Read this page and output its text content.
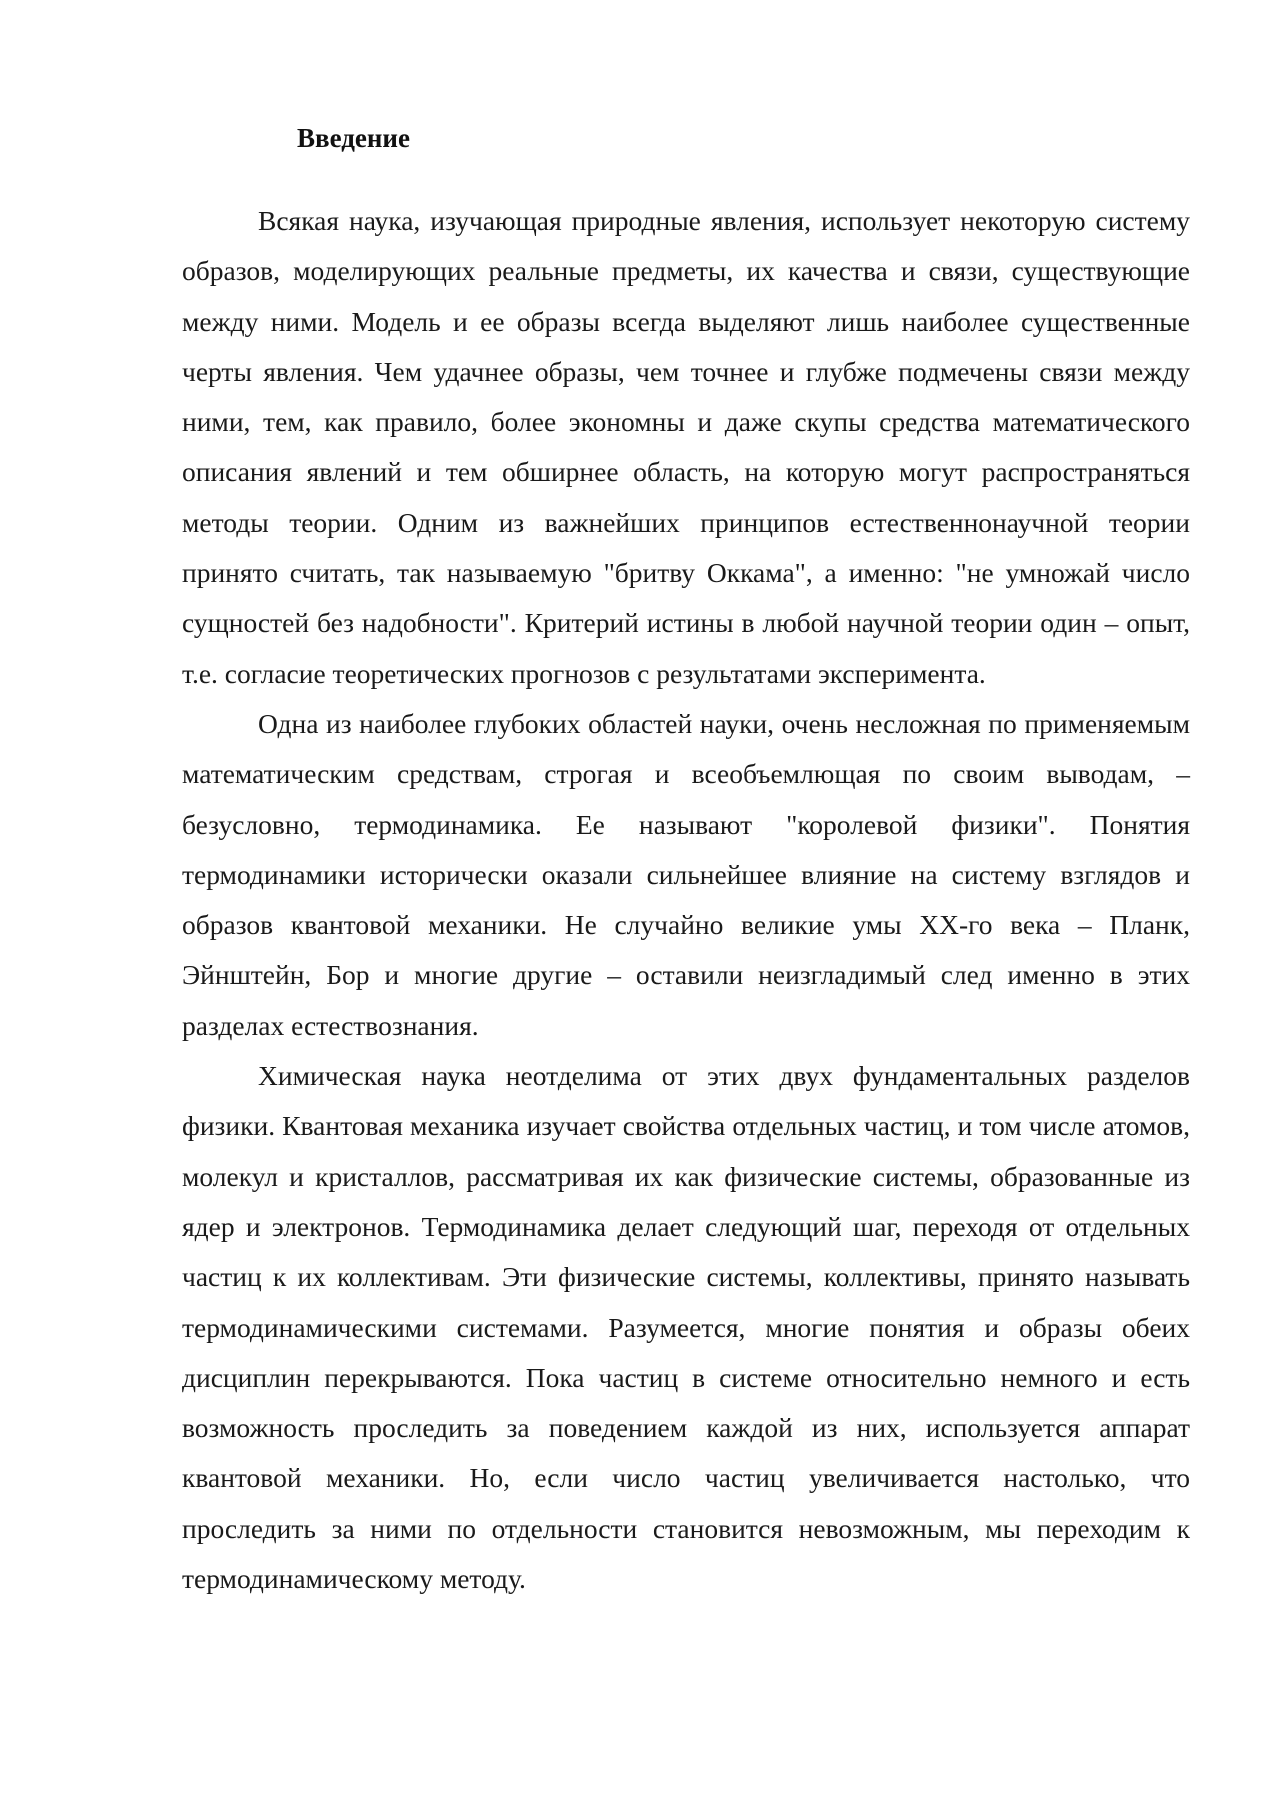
Введение

Всякая наука, изучающая природные явления, использует некоторую систему образов, моделирующих реальные предметы, их качества и связи, существующие между ними. Модель и ее образы всегда выделяют лишь наиболее существенные черты явления. Чем удачнее образы, чем точнее и глубже подмечены связи между ними, тем, как правило, более экономны и даже скупы средства математического описания явлений и тем обширнее область, на которую могут распространяться методы теории. Одним из важнейших принципов естественнонаучной теории принято считать, так называемую "бритву Оккама", а именно: "не умножай число сущностей без надобности". Критерий истины в любой научной теории один – опыт, т.е. согласие теоретических прогнозов с результатами эксперимента.

Одна из наиболее глубоких областей науки, очень несложная по применяемым математическим средствам, строгая и всеобъемлющая по своим выводам, – безусловно, термодинамика. Ее называют "королевой физики". Понятия термодинамики исторически оказали сильнейшее влияние на систему взглядов и образов квантовой механики. Не случайно великие умы XX-го века – Планк, Эйнштейн, Бор и многие другие – оставили неизгладимый след именно в этих разделах естествознания.

Химическая наука неотделима от этих двух фундаментальных разделов физики. Квантовая механика изучает свойства отдельных частиц, и том числе атомов, молекул и кристаллов, рассматривая их как физические системы, образованные из ядер и электронов. Термодинамика делает следующий шаг, переходя от отдельных частиц к их коллективам. Эти физические системы, коллективы, принято называть термодинамическими системами. Разумеется, многие понятия и образы обеих дисциплин перекрываются. Пока частиц в системе относительно немного и есть возможность проследить за поведением каждой из них, используется аппарат квантовой механики. Но, если число частиц увеличивается настолько, что проследить за ними по отдельности становится невозможным, мы переходим к термодинамическому методу.
